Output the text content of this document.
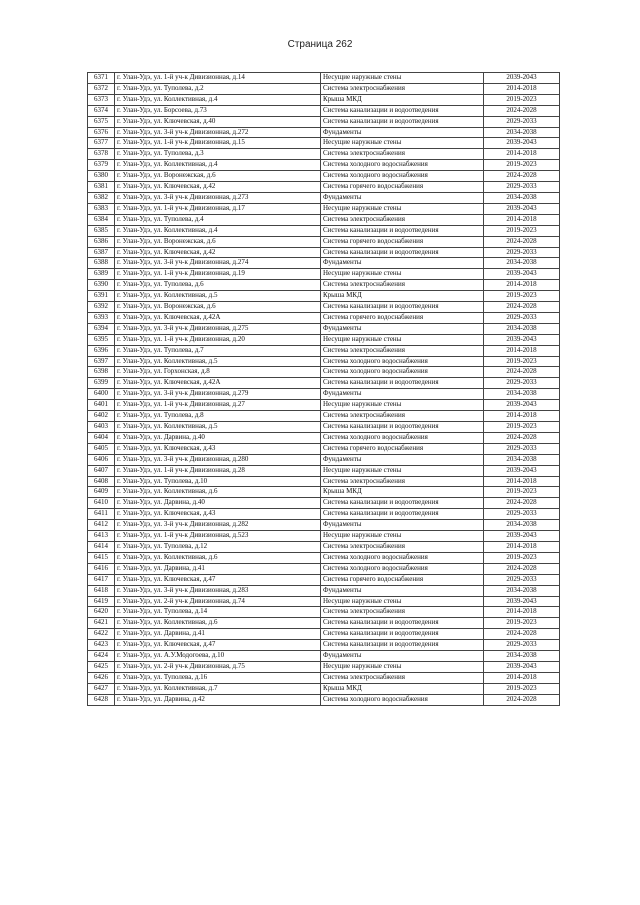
Страница 262
6371	г. Улан-Удэ, ул. 1-й уч-к Дивизионная, д.14	Несущие наружные стены	2039-2043
6372	г. Улан-Удэ, ул. Туполева, д.2	Система электроснабжения	2014-2018
6373	г. Улан-Удэ, ул. Коллективная, д.4	Крыша МКД	2019-2023
6374	г. Улан-Удэ, ул. Борсоева, д.73	Система канализации и водоотведения	2024-2028
6375	г. Улан-Удэ, ул. Ключевская, д.40	Система канализации и водоотведения	2029-2033
6376	г. Улан-Удэ, ул. 3-й уч-к Дивизионная, д.272	Фундаменты	2034-2038
6377	г. Улан-Удэ, ул. 1-й уч-к Дивизионная, д.15	Несущие наружные стены	2039-2043
6378	г. Улан-Удэ, ул. Туполева, д.3	Система электроснабжения	2014-2018
6379	г. Улан-Удэ, ул. Коллективная, д.4	Система холодного водоснабжения	2019-2023
6380	г. Улан-Удэ, ул. Воронежская, д.6	Система холодного водоснабжения	2024-2028
6381	г. Улан-Удэ, ул. Ключевская, д.42	Система горячего водоснабжения	2029-2033
6382	г. Улан-Удэ, ул. 3-й уч-к Дивизионная, д.273	Фундаменты	2034-2038
6383	г. Улан-Удэ, ул. 1-й уч-к Дивизионная, д.17	Несущие наружные стены	2039-2043
6384	г. Улан-Удэ, ул. Туполева, д.4	Система электроснабжения	2014-2018
6385	г. Улан-Удэ, ул. Коллективная, д.4	Система канализации и водоотведения	2019-2023
6386	г. Улан-Удэ, ул. Воронежская, д.6	Система горячего водоснабжения	2024-2028
6387	г. Улан-Удэ, ул. Ключевская, д.42	Система канализации и водоотведения	2029-2033
6388	г. Улан-Удэ, ул. 3-й уч-к Дивизионная, д.274	Фундаменты	2034-2038
6389	г. Улан-Удэ, ул. 1-й уч-к Дивизионная, д.19	Несущие наружные стены	2039-2043
6390	г. Улан-Удэ, ул. Туполева, д.6	Система электроснабжения	2014-2018
6391	г. Улан-Удэ, ул. Коллективная, д.5	Крыша МКД	2019-2023
6392	г. Улан-Удэ, ул. Воронежская, д.6	Система канализации и водоотведения	2024-2028
6393	г. Улан-Удэ, ул. Ключевская, д.42А	Система горячего водоснабжения	2029-2033
6394	г. Улан-Удэ, ул. 3-й уч-к Дивизионная, д.275	Фундаменты	2034-2038
6395	г. Улан-Удэ, ул. 1-й уч-к Дивизионная, д.20	Несущие наружные стены	2039-2043
6396	г. Улан-Удэ, ул. Туполева, д.7	Система электроснабжения	2014-2018
6397	г. Улан-Удэ, ул. Коллективная, д.5	Система холодного водоснабжения	2019-2023
6398	г. Улан-Удэ, ул. Горхонская, д.8	Система холодного водоснабжения	2024-2028
6399	г. Улан-Удэ, ул. Ключевская, д.42А	Система канализации и водоотведения	2029-2033
6400	г. Улан-Удэ, ул. 3-й уч-к Дивизионная, д.279	Фундаменты	2034-2038
6401	г. Улан-Удэ, ул. 1-й уч-к Дивизионная, д.27	Несущие наружные стены	2039-2043
6402	г. Улан-Удэ, ул. Туполева, д.8	Система электроснабжения	2014-2018
6403	г. Улан-Удэ, ул. Коллективная, д.5	Система канализации и водоотведения	2019-2023
6404	г. Улан-Удэ, ул. Дарвина, д.40	Система холодного водоснабжения	2024-2028
6405	г. Улан-Удэ, ул. Ключевская, д.43	Система горячего водоснабжения	2029-2033
6406	г. Улан-Удэ, ул. 3-й уч-к Дивизионная, д.280	Фундаменты	2034-2038
6407	г. Улан-Удэ, ул. 1-й уч-к Дивизионная, д.28	Несущие наружные стены	2039-2043
6408	г. Улан-Удэ, ул. Туполева, д.10	Система электроснабжения	2014-2018
6409	г. Улан-Удэ, ул. Коллективная, д.6	Крыша МКД	2019-2023
6410	г. Улан-Удэ, ул. Дарвина, д.40	Система канализации и водоотведения	2024-2028
6411	г. Улан-Удэ, ул. Ключевская, д.43	Система канализации и водоотведения	2029-2033
6412	г. Улан-Удэ, ул. 3-й уч-к Дивизионная, д.282	Фундаменты	2034-2038
6413	г. Улан-Удэ, ул. 1-й уч-к Дивизионная, д.523	Несущие наружные стены	2039-2043
6414	г. Улан-Удэ, ул. Туполева, д.12	Система электроснабжения	2014-2018
6415	г. Улан-Удэ, ул. Коллективная, д.6	Система холодного водоснабжения	2019-2023
6416	г. Улан-Удэ, ул. Дарвина, д.41	Система холодного водоснабжения	2024-2028
6417	г. Улан-Удэ, ул. Ключевская, д.47	Система горячего водоснабжения	2029-2033
6418	г. Улан-Удэ, ул. 3-й уч-к Дивизионная, д.283	Фундаменты	2034-2038
6419	г. Улан-Удэ, ул. 2-й уч-к Дивизионная, д.74	Несущие наружные стены	2039-2043
6420	г. Улан-Удэ, ул. Туполева, д.14	Система электроснабжения	2014-2018
6421	г. Улан-Удэ, ул. Коллективная, д.6	Система канализации и водоотведения	2019-2023
6422	г. Улан-Удэ, ул. Дарвина, д.41	Система канализации и водоотведения	2024-2028
6423	г. Улан-Удэ, ул. Ключевская, д.47	Система канализации и водоотведения	2029-2033
6424	г. Улан-Удэ, ул. А.У.Модогоева, д.10	Фундаменты	2034-2038
6425	г. Улан-Удэ, ул. 2-й уч-к Дивизионная, д.75	Несущие наружные стены	2039-2043
6426	г. Улан-Удэ, ул. Туполева, д.16	Система электроснабжения	2014-2018
6427	г. Улан-Удэ, ул. Коллективная, д.7	Крыша МКД	2019-2023
6428	г. Улан-Удэ, ул. Дарвина, д.42	Система холодного водоснабжения	2024-2028
